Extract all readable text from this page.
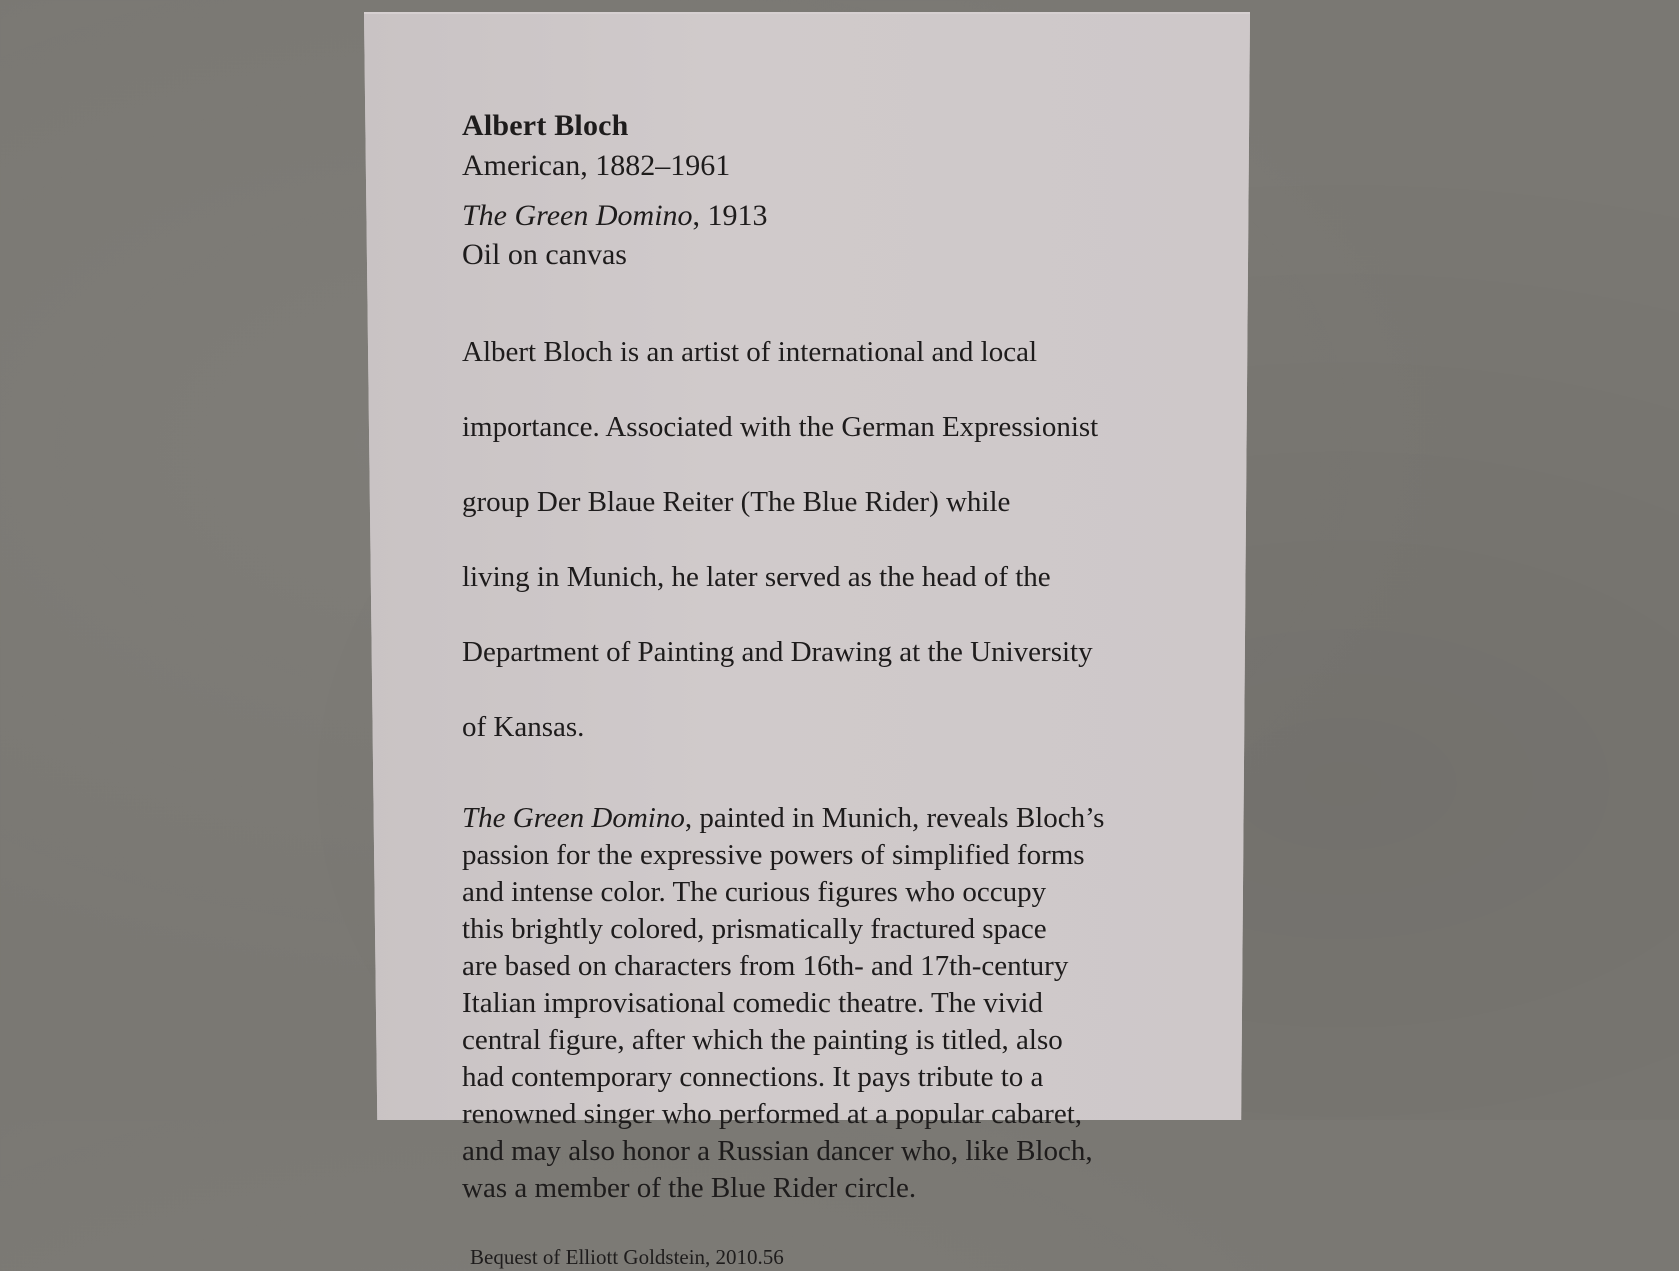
Albert Bloch
American, 1882–1961
The Green Domino, 1913
Oil on canvas

Albert Bloch is an artist of international and local

importance. Associated with the German Expressionist

group Der Blaue Reiter (The Blue Rider) while

living in Munich, he later served as the head of the

Department of Painting and Drawing at the University

of Kansas.

The Green Domino, painted in Munich, reveals Bloch’s
passion for the expressive powers of simplified forms
and intense color. The curious figures who occupy
this brightly colored, prismatically fractured space
are based on characters from 16th- and 17th-century
Italian improvisational comedic theatre. The vivid
central figure, after which the painting is titled, also
had contemporary connections. It pays tribute to a
renowned singer who performed at a popular cabaret,
and may also honor a Russian dancer who, like Bloch,
was a member of the Blue Rider circle.
Bequest of Elliott Goldstein, 2010.56
